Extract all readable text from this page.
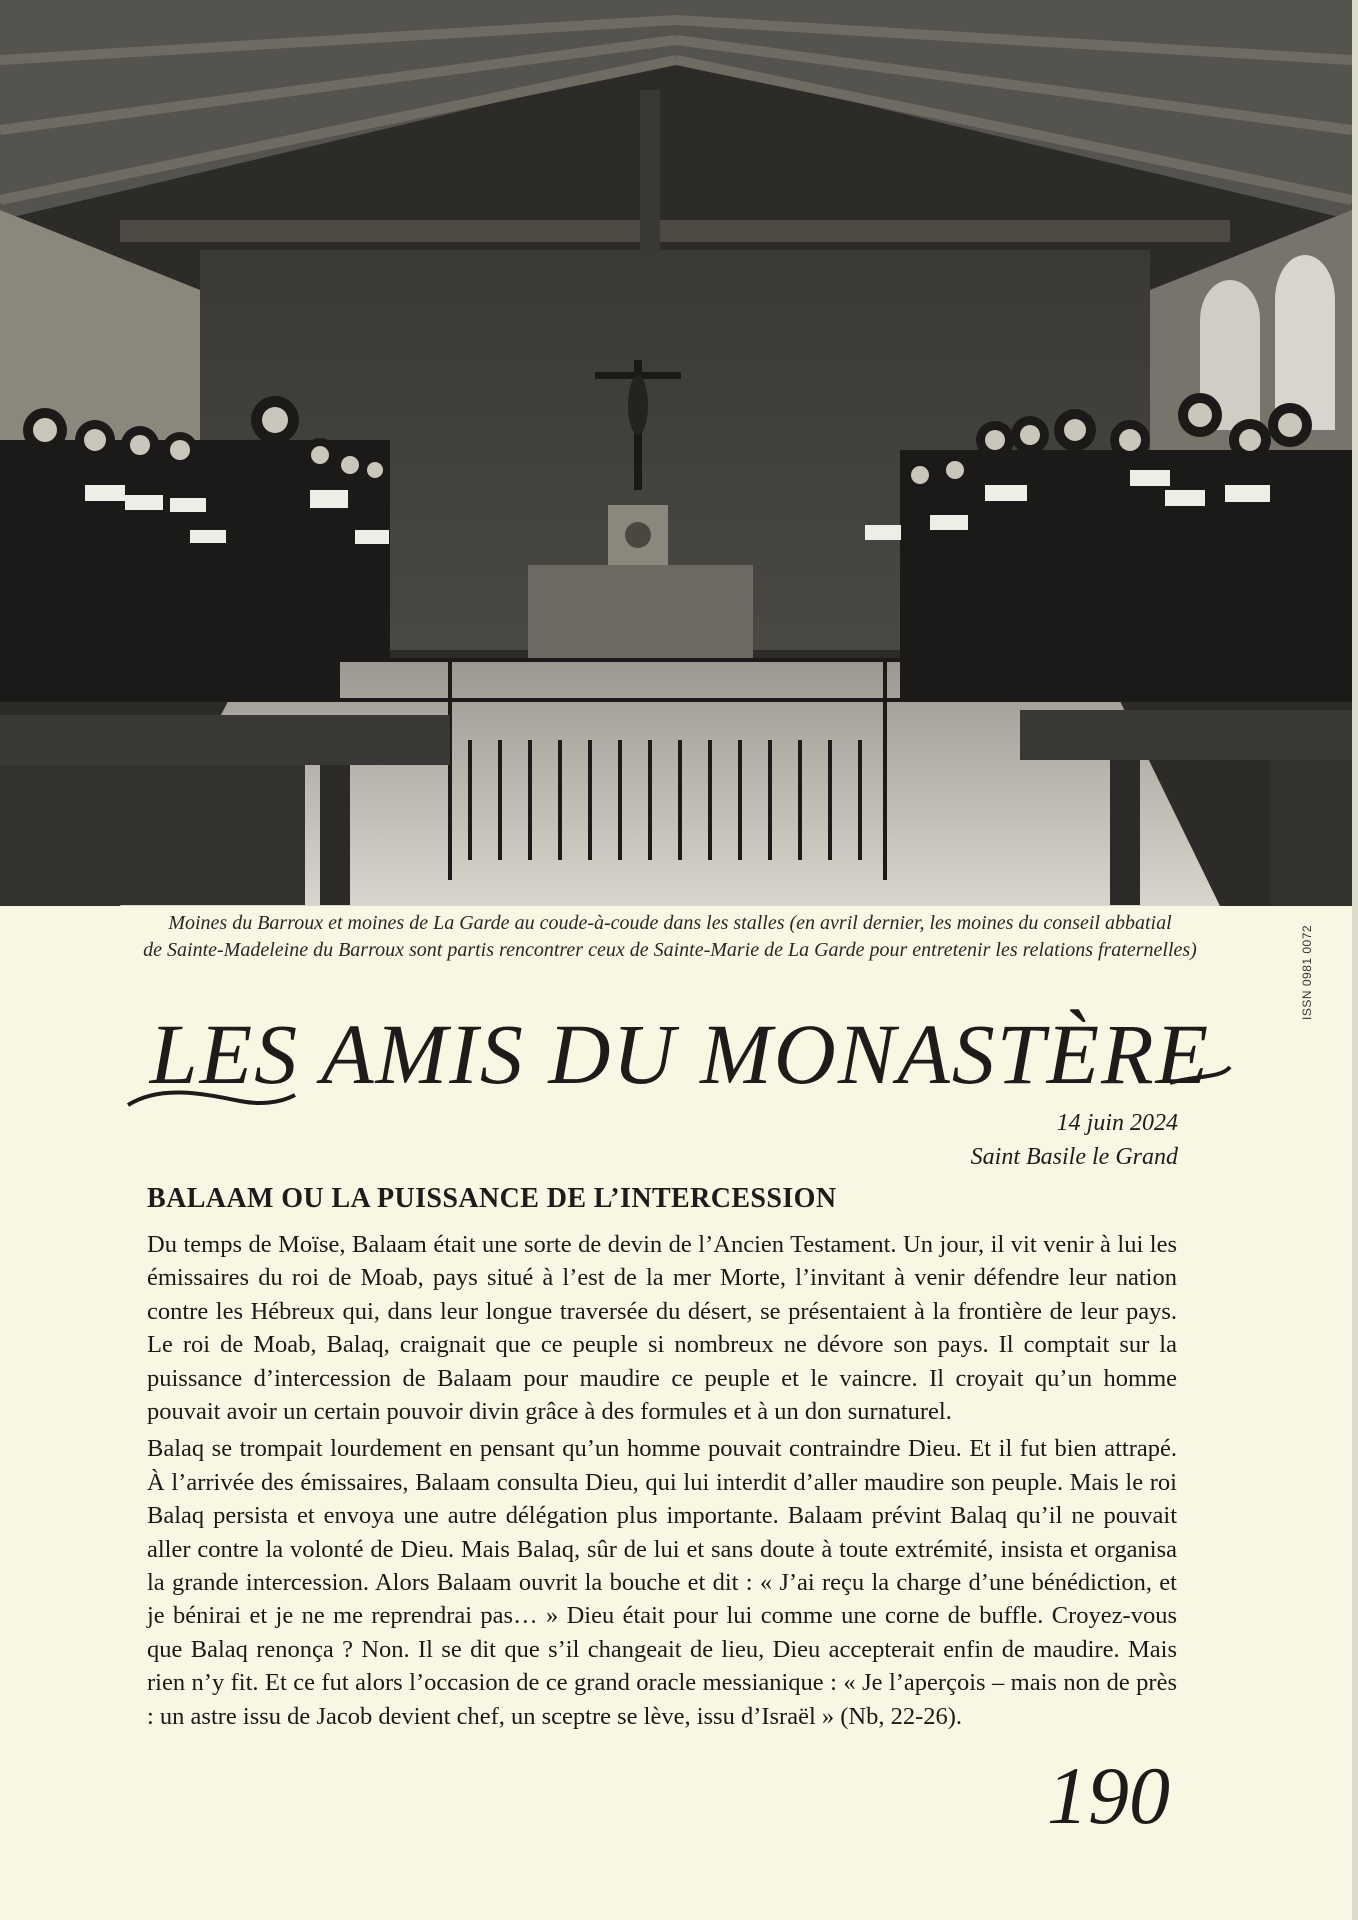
Moines du Barroux et moines de La Garde au coude-à-coude dans les stalles (en avril dernier, les moines du conseil abbatial
de Sainte-Madeleine du Barroux sont partis rencontrer ceux de Sainte-Marie de La Garde pour entretenir les relations fraternelles)	ISSN 0981 0072
LES AMIS DU MONASTÈRE
14 juin 2024
Saint Basile le Grand
BALAAM OU LA PUISSANCE DE L’INTERCESSION

Du temps de Moïse, Balaam était une sorte de devin de l’Ancien Testament. Un jour, il vit venir à lui les émissaires du roi de Moab, pays situé à l’est de la mer Morte, l’invitant à venir défendre leur nation contre les Hébreux qui, dans leur longue traversée du désert, se présentaient à la frontière de leur pays. Le roi de Moab, Balaq, craignait que ce peuple si nombreux ne dévore son pays. Il comptait sur la puissance d’intercession de Balaam pour maudire ce peuple et le vaincre. Il croyait qu’un homme pouvait avoir un certain pouvoir divin grâce à des formules et à un don surnaturel.

Balaq se trompait lourdement en pensant qu’un homme pouvait contraindre Dieu. Et il fut bien attrapé. À l’arrivée des émissaires, Balaam consulta Dieu, qui lui interdit d’aller maudire son peuple. Mais le roi Balaq persista et envoya une autre délégation plus importante. Balaam prévint Balaq qu’il ne pouvait aller contre la volonté de Dieu. Mais Balaq, sûr de lui et sans doute à toute extrémité, insista et organisa la grande intercession. Alors Balaam ouvrit la bouche et dit : « J’ai reçu la charge d’une bénédiction, et je bénirai et je ne me reprendrai pas… » Dieu était pour lui comme une corne de buffle. Croyez-vous que Balaq renonça ? Non. Il se dit que s’il changeait de lieu, Dieu accepterait enfin de maudire. Mais rien n’y fit. Et ce fut alors l’occasion de ce grand oracle messianique : « Je l’aperçois – mais non de près : un astre issu de Jacob devient chef, un sceptre se lève, issu d’Israël » (Nb, 22-26).

190
